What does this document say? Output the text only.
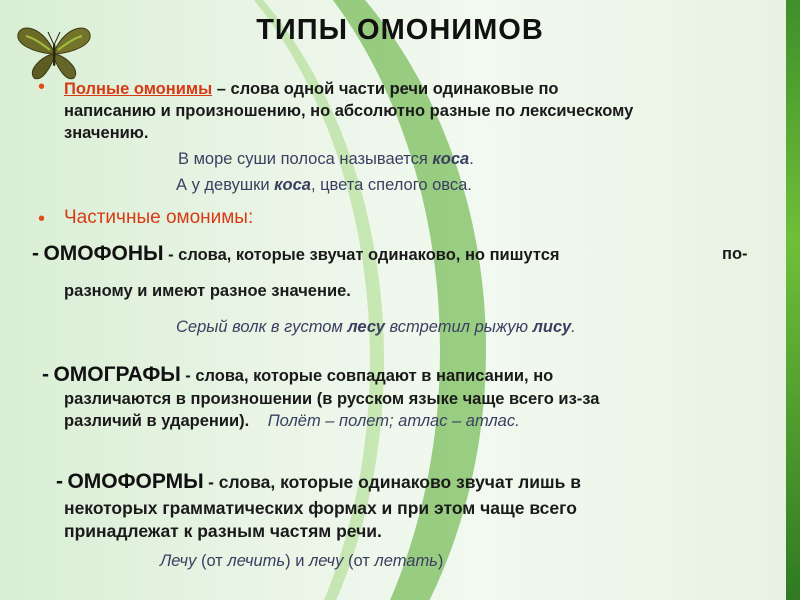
ТИПЫ ОМОНИМОВ
• Полные омонимы – слова одной части речи одинаковые по
написанию и произношению, но абсолютно разные по лексическому
значению.
В море суши полоса называется коса.
А у девушки коса, цвета спелого овса.
• Частичные омонимы:
- ОМОФОНЫ - слова, которые звучат одинаково, но пишутся	по-
разному и имеют разное значение.
Серый волк в густом лесу встретил рыжую лису.
- ОМОГРАФЫ - слова, которые совпадают в написании, но
различаются в произношении (в русском языке чаще всего из-за
различий в ударении). Полёт – полет; атлас – атлас.
- ОМОФОРМЫ - слова, которые одинаково звучат лишь в
некоторых грамматических формах и при этом чаще всего
принадлежат к разным частям речи.
Лечу (от лечить) и лечу (от летать)
